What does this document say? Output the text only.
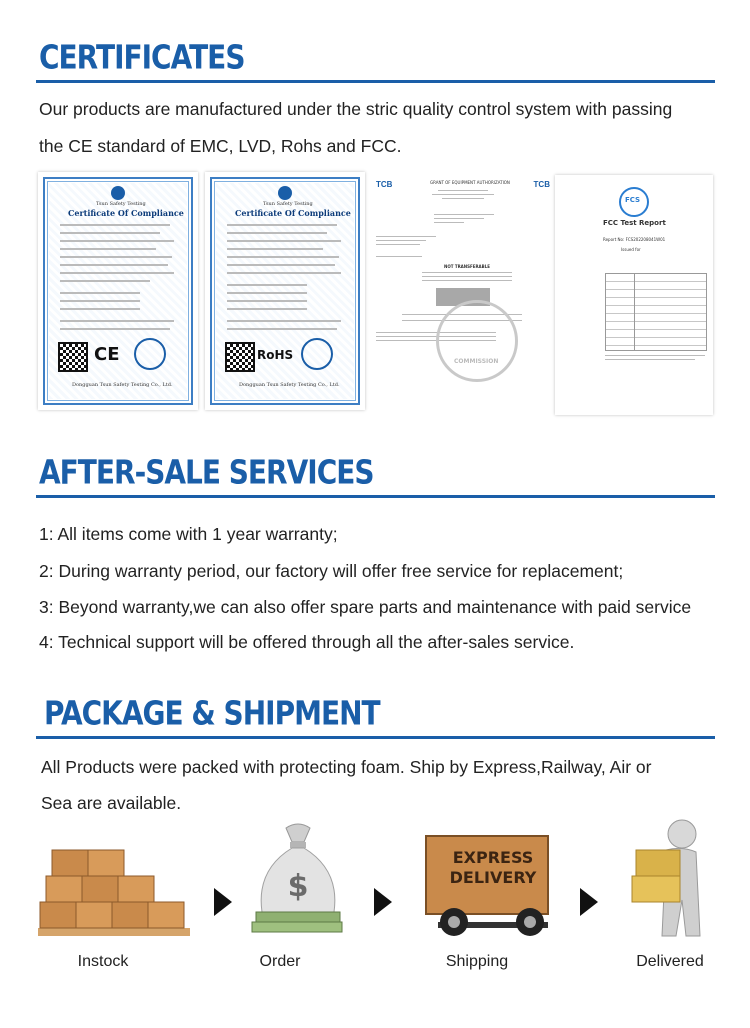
CERTIFICATES

Our products are manufactured under the stric quality control system with passing

the CE standard of EMC, LVD, Rohs and FCC.

Tsun Safety Testing
Certificate Of Compliance
CE
Dongguan Tsun Safety Testing Co., Ltd.
Tsun Safety Testing
Certificate Of Compliance
RoHS
Dongguan Tsun Safety Testing Co., Ltd.
TCB	TCB
GRANT OF EQUIPMENT AUTHORIZATION
NOT TRANSFERABLE
COMMISSION
FCS
FCC Test Report
Report No: FCS202208041W01
Issued for
AFTER-SALE SERVICES

1: All items come with 1 year warranty;

2: During warranty period, our factory will offer free service for replacement;

3: Beyond warranty,we can also offer spare parts and maintenance with paid service

4: Technical support will be offered through all the after-sales service.

PACKAGE & SHIPMENT

All Products were packed with protecting foam. Ship by Express,Railway, Air or

Sea are available.

$
EXPRESS
DELIVERY
Instock	Order	Shipping	Delivered
